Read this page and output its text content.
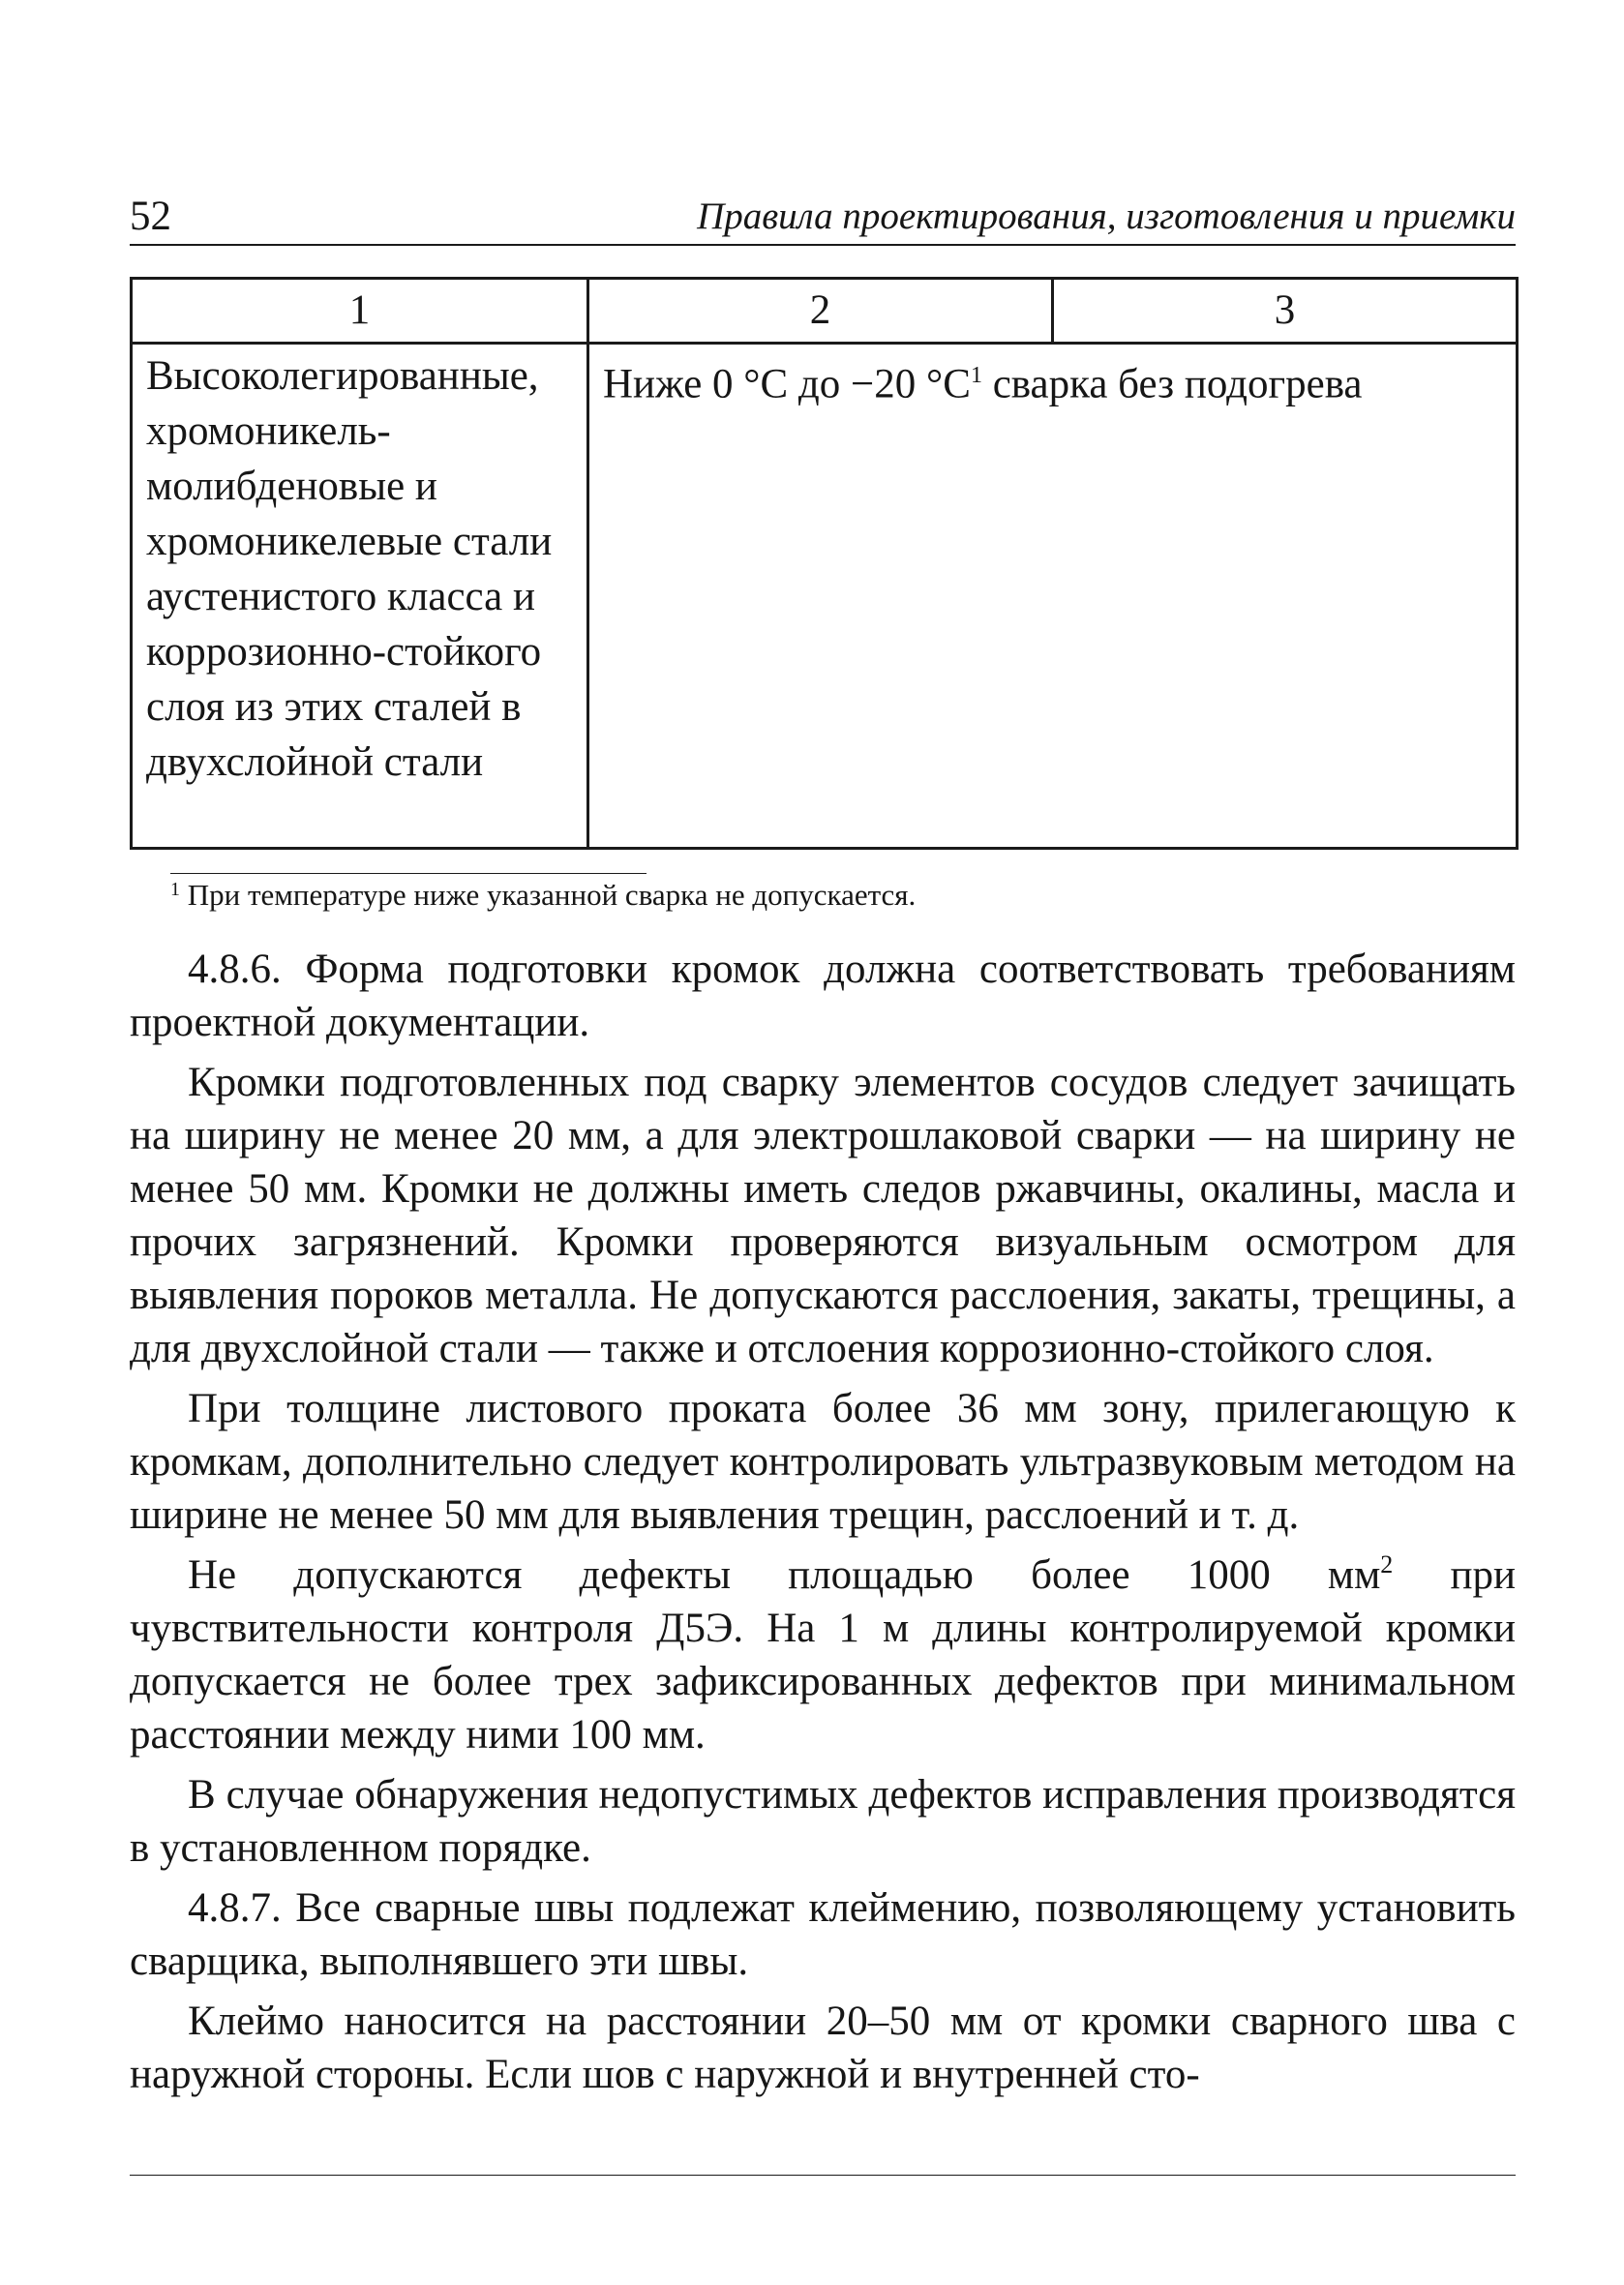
52	Правила проектирования, изготовления и приемки
1	2	3
Высоколегированные, хромоникель-молибденовые и хромоникелевые стали аустенистого класса и коррозионно-стойкого слоя из этих сталей в двухслойной стали	Ниже 0 °С до −20 $^\circ С^1$ сварка без подогрева	
$^1$ При температуре ниже указанной сварка не допускается.

4.8.6. Форма подготовки кромок должна соответствовать требованиям проектной документации.

Кромки подготовленных под сварку элементов сосудов следует зачищать на ширину не менее 20 мм, а для электрошлаковой сварки — на ширину не менее 50 мм. Кромки не должны иметь следов ржавчины, окалины, масла и прочих загрязнений. Кромки проверяются визуальным осмотром для выявления пороков металла. Не допускаются расслоения, закаты, трещины, а для двухслойной стали — также и отслоения коррозионно-стойкого слоя.

При толщине листового проката более 36 мм зону, прилегающую к кромкам, дополнительно следует контролировать ультразвуковым методом на ширине не менее 50 мм для выявления трещин, расслоений и т. д.

Не допускаются дефекты площадью более 1000 $мм^2$ при чувствительности контроля Д5Э. На 1 м длины контролируемой кромки допускается не более трех зафиксированных дефектов при минимальном расстоянии между ними 100 мм.

В случае обнаружения недопустимых дефектов исправления производятся в установленном порядке.

4.8.7. Все сварные швы подлежат клеймению, позволяющему установить сварщика, выполнявшего эти швы.

Клеймо наносится на расстоянии 20–50 мм от кромки сварного шва с наружной стороны. Если шов с наружной и внутренней сто-
